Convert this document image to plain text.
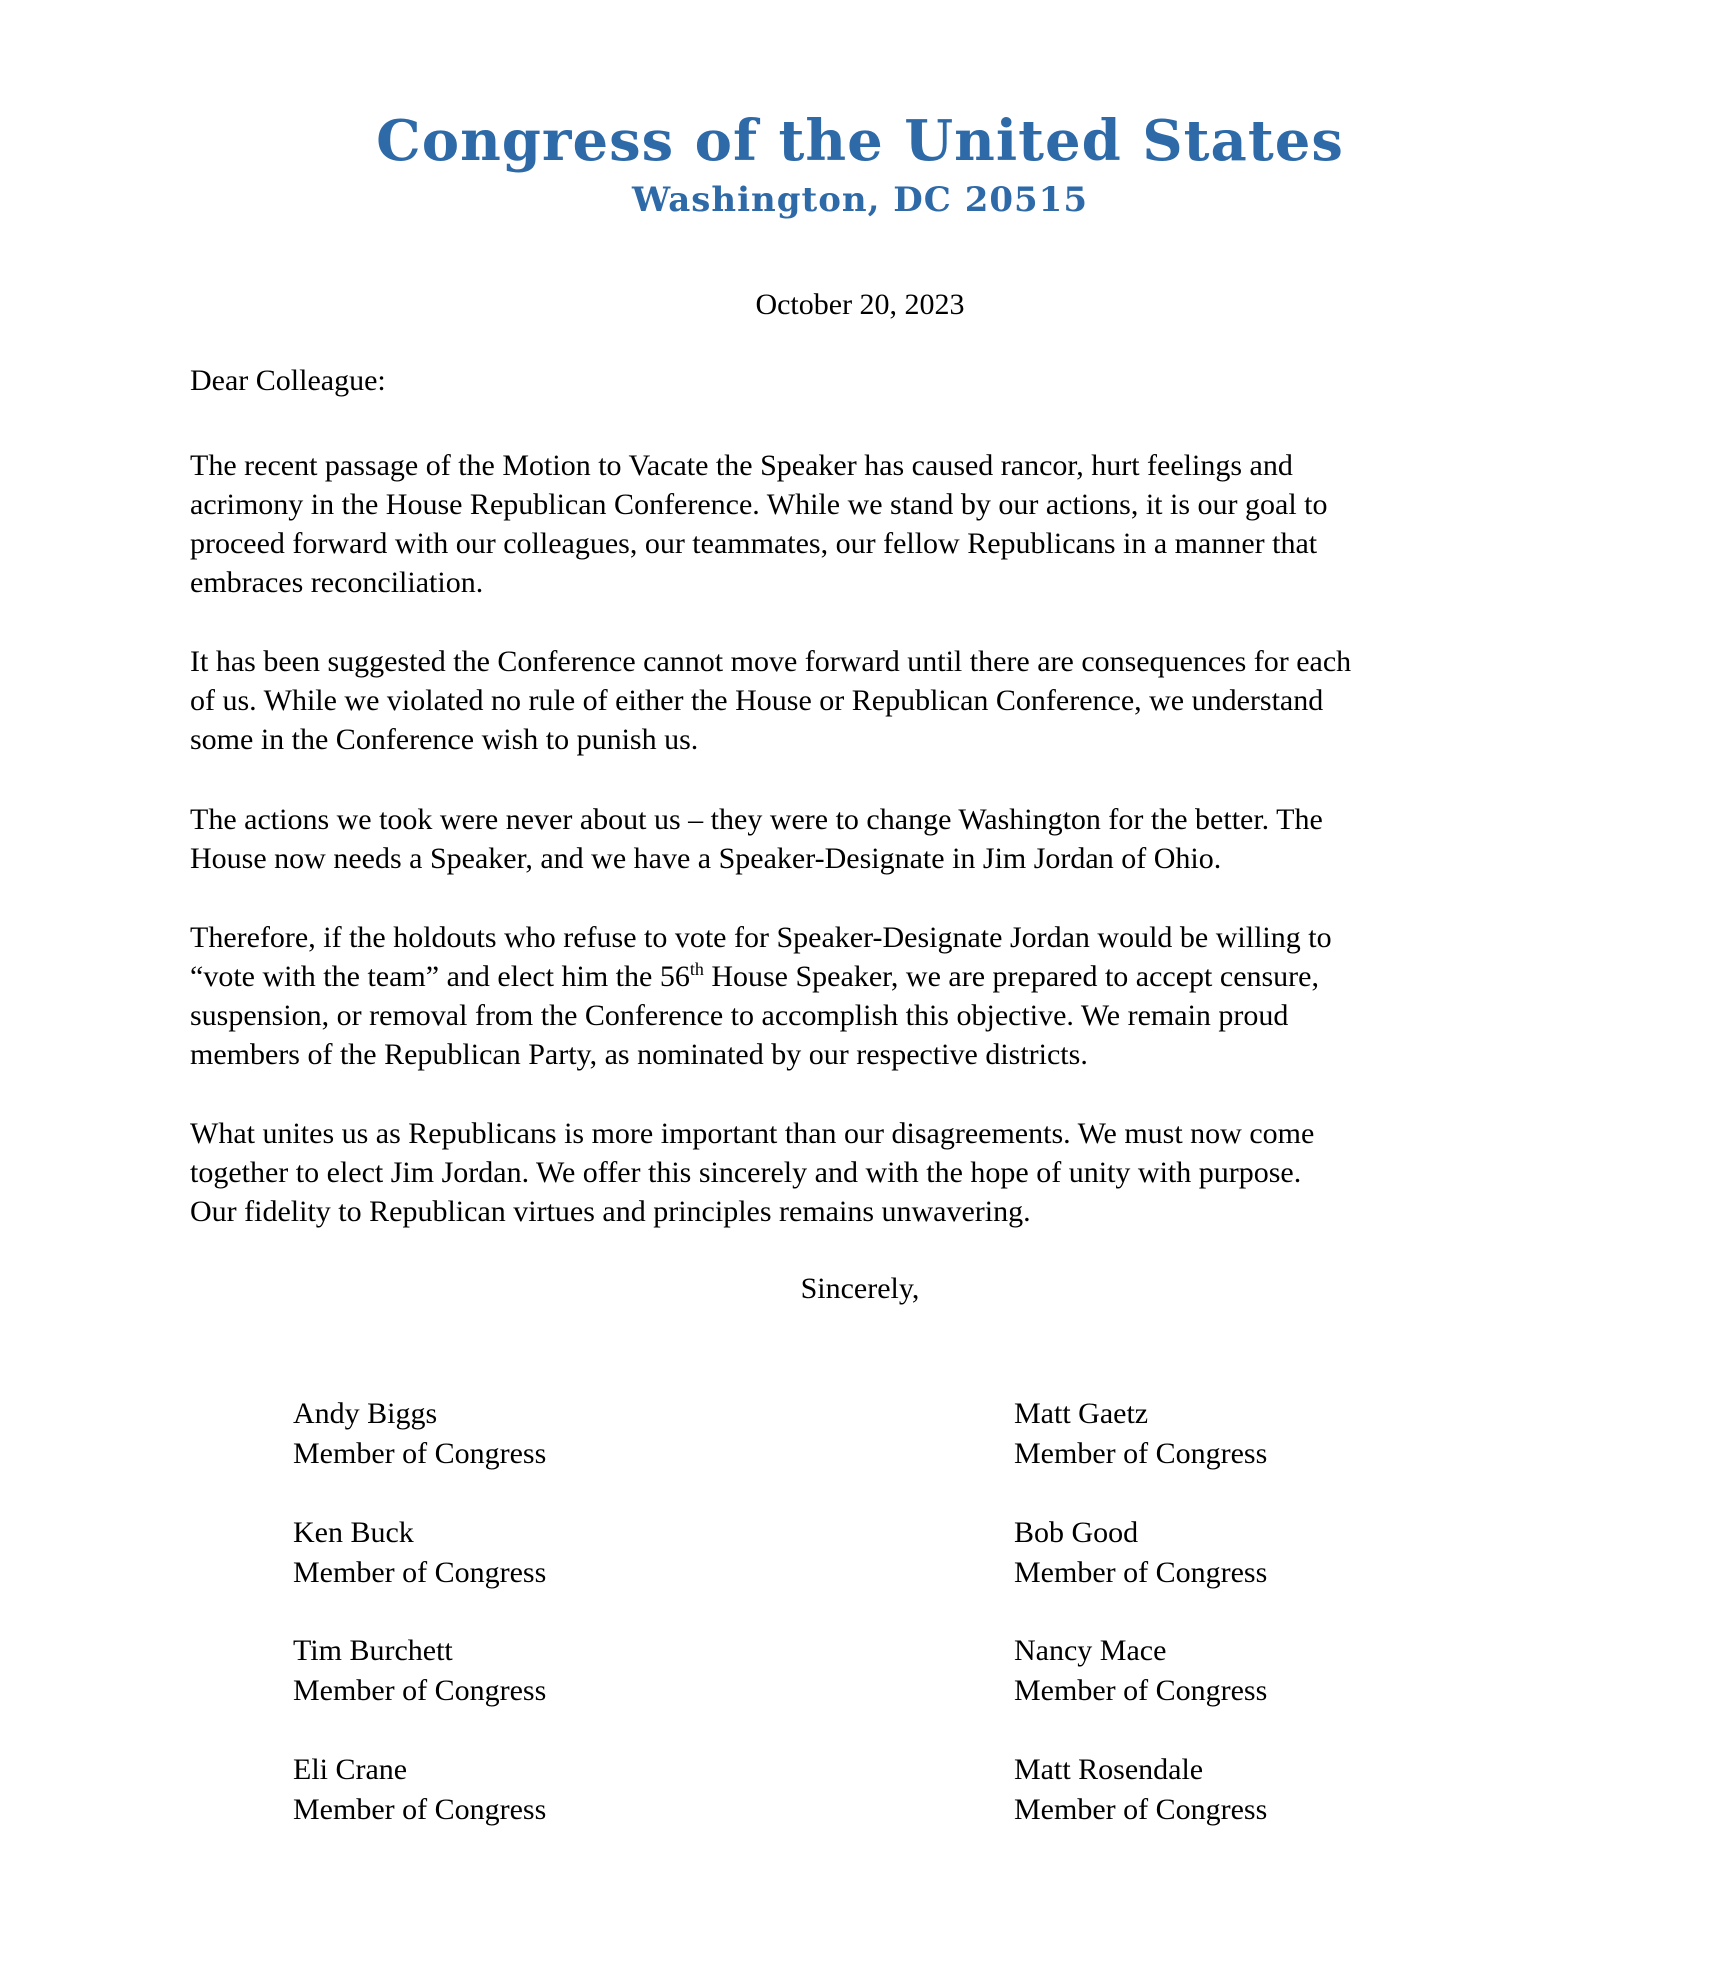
Congress of the United States
Washington, DC 20515
October 20, 2023
Dear Colleague:
The recent passage of the Motion to Vacate the Speaker has caused rancor, hurt feelings and
acrimony in the House Republican Conference. While we stand by our actions, it is our goal to
proceed forward with our colleagues, our teammates, our fellow Republicans in a manner that
embraces reconciliation.
It has been suggested the Conference cannot move forward until there are consequences for each
of us. While we violated no rule of either the House or Republican Conference, we understand
some in the Conference wish to punish us.
The actions we took were never about us – they were to change Washington for the better. The
House now needs a Speaker, and we have a Speaker-Designate in Jim Jordan of Ohio.
Therefore, if the holdouts who refuse to vote for Speaker-Designate Jordan would be willing to
“vote with the team” and elect him the 56th House Speaker, we are prepared to accept censure,
suspension, or removal from the Conference to accomplish this objective. We remain proud
members of the Republican Party, as nominated by our respective districts.
What unites us as Republicans is more important than our disagreements. We must now come
together to elect Jim Jordan. We offer this sincerely and with the hope of unity with purpose.
Our fidelity to Republican virtues and principles remains unwavering.
Sincerely,
Andy Biggs
Member of Congress
Ken Buck
Member of Congress
Tim Burchett
Member of Congress
Eli Crane
Member of Congress
Matt Gaetz
Member of Congress
Bob Good
Member of Congress
Nancy Mace
Member of Congress
Matt Rosendale
Member of Congress
